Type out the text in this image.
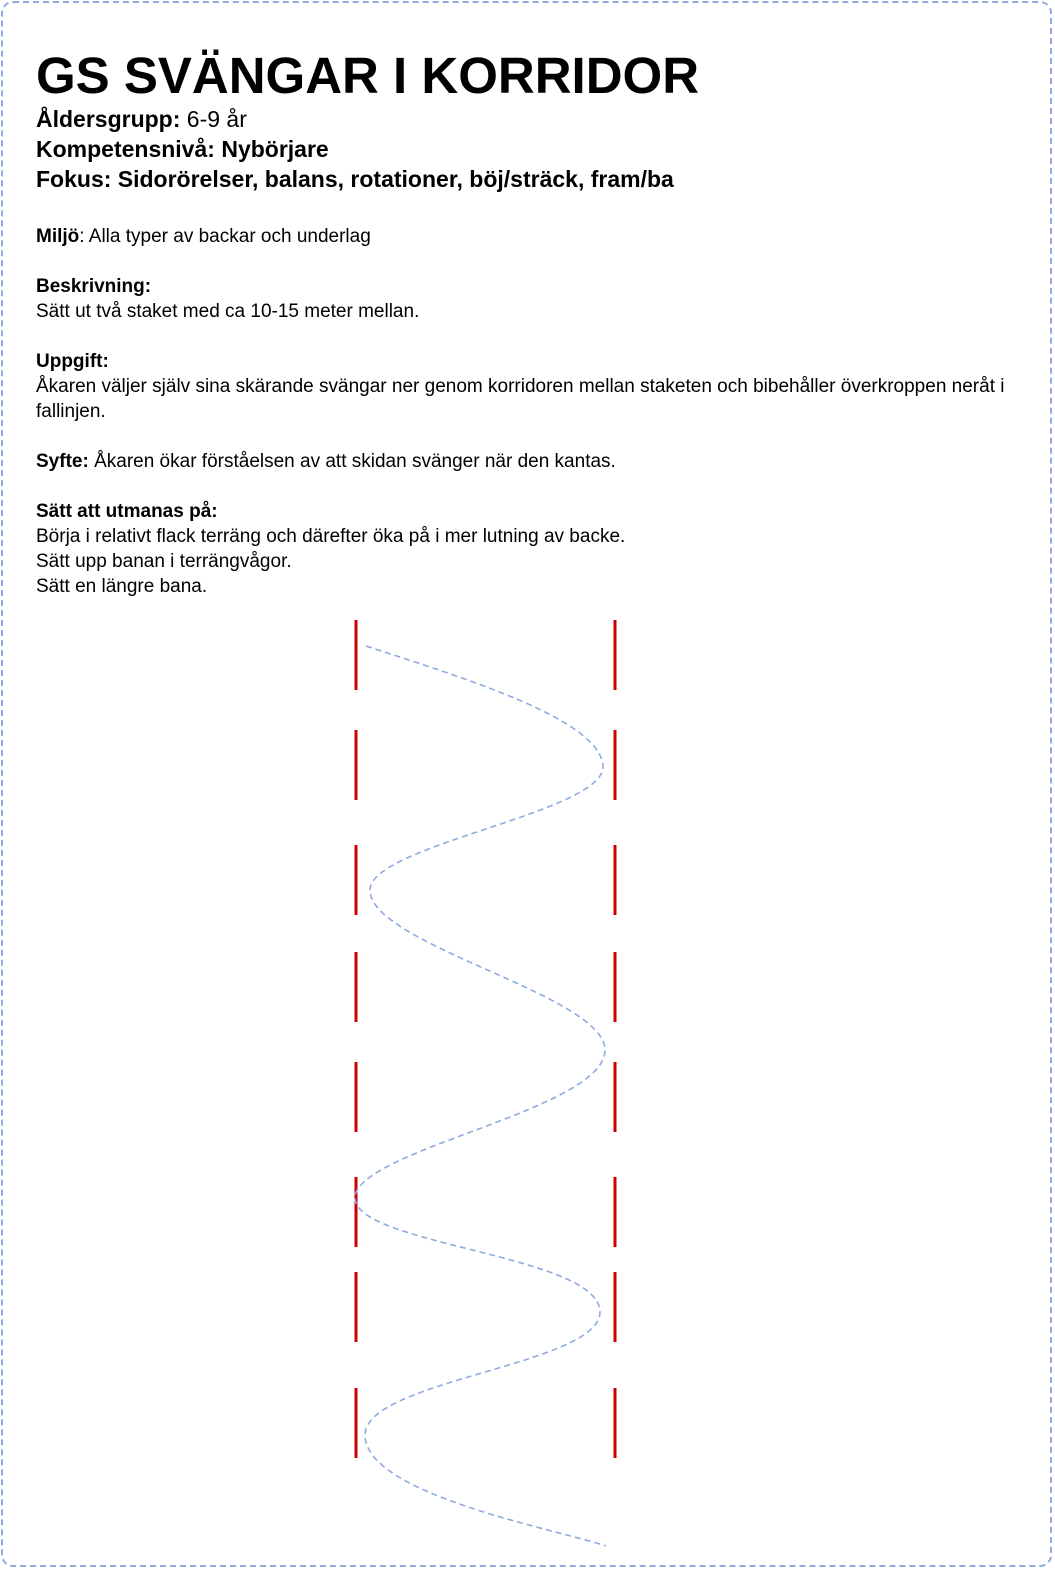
GS SVÄNGAR I KORRIDOR
Åldersgrupp: 6-9 år
Kompetensnivå: Nybörjare
Fokus: Sidorörelser, balans, rotationer, böj/sträck, fram/ba
Miljö: Alla typer av backar och underlag
Beskrivning:
Sätt ut två staket med ca 10-15 meter mellan.
Uppgift:
Åkaren väljer själv sina skärande svängar ner genom korridoren mellan staketen och bibehåller överkroppen neråt i fallinjen.
Syfte: Åkaren ökar förståelsen av att skidan svänger när den kantas.
Sätt att utmanas på:
Börja i relativt flack terräng och därefter öka på i mer lutning av backe.
Sätt upp banan i terrängvågor.
Sätt en längre bana.
